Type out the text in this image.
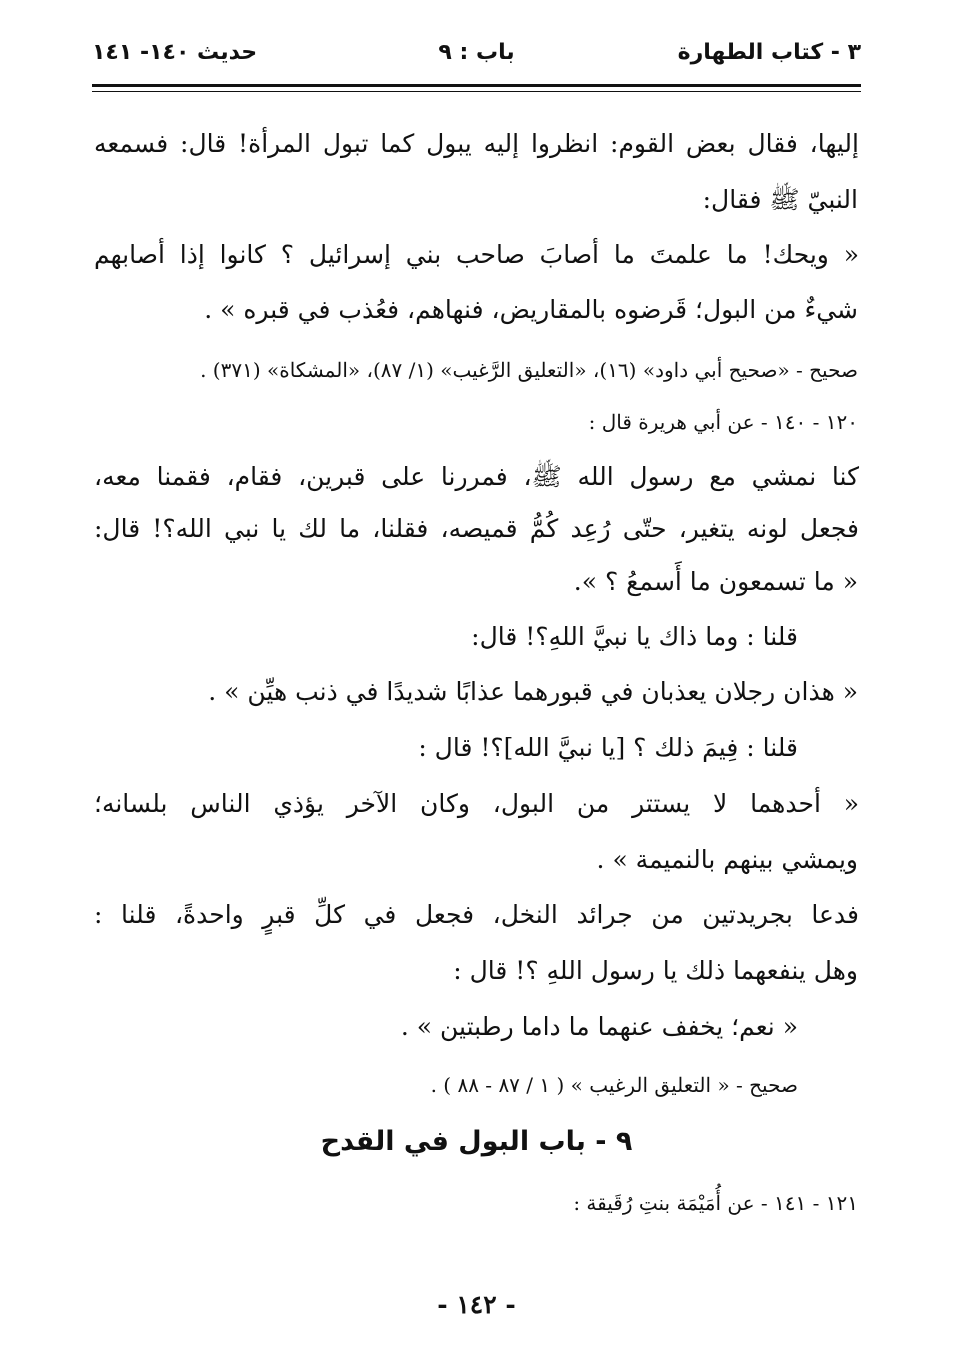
٣ - كتاب الطهارة
باب : ٩
حديث ١٤٠- ١٤١
إليها، فقال بعض القوم: انظروا إليه يبول كما تبول المرأة! قال: فسمعه
النبيّ ﷺ فقال:
« ويحك! ما علمتَ ما أصابَ صاحب بني إسرائيل ؟ كانوا إذا أصابهم
شيءٌ من البول؛ قَرضوه بالمقاريض، فنهاهم، فعُذب في قبره » .
صحيح - «صحيح أبي داود» (١٦)، «التعليق الرَّغيب» (١/ ٨٧)، «المشكاة» (٣٧١) .
١٢٠ - ١٤٠ - عن أبي هريرة قال :
كنا نمشي مع رسول الله ﷺ، فمررنا على قبرين، فقام، فقمنا معه،
فجعل لونه يتغير، حتّى رُعِد كُمُّ قميصه، فقلنا، ما لك يا نبي الله؟! قال:
« ما تسمعون ما أَسمعُ ؟ ».
قلنا : وما ذاك يا نبيَّ اللهِ؟! قال:
« هذان رجلان يعذبان في قبورهما عذابًا شديدًا في ذنب هيِّن » .
قلنا : فِيمَ ذلك ؟ [يا نبيَّ الله]؟! قال :
« أحدهما لا يستتر من البول، وكان الآخر يؤذي الناس بلسانه؛
ويمشي بينهم بالنميمة » .
فدعا بجريدتين من جرائد النخل، فجعل في كلِّ قبرٍ واحدةً، قلنا :
وهل ينفعهما ذلك يا رسول اللهِ ؟! قال :
« نعم؛ يخفف عنهما ما داما رطبتين » .
صحيح - « التعليق الرغيب » ( ١ / ٨٧ - ٨٨ ) .
٩ - باب البول في القدح
١٢١ - ١٤١ - عن أُمَيْمَة بنتِ رُقَيقة :
- ١٤٢ -
